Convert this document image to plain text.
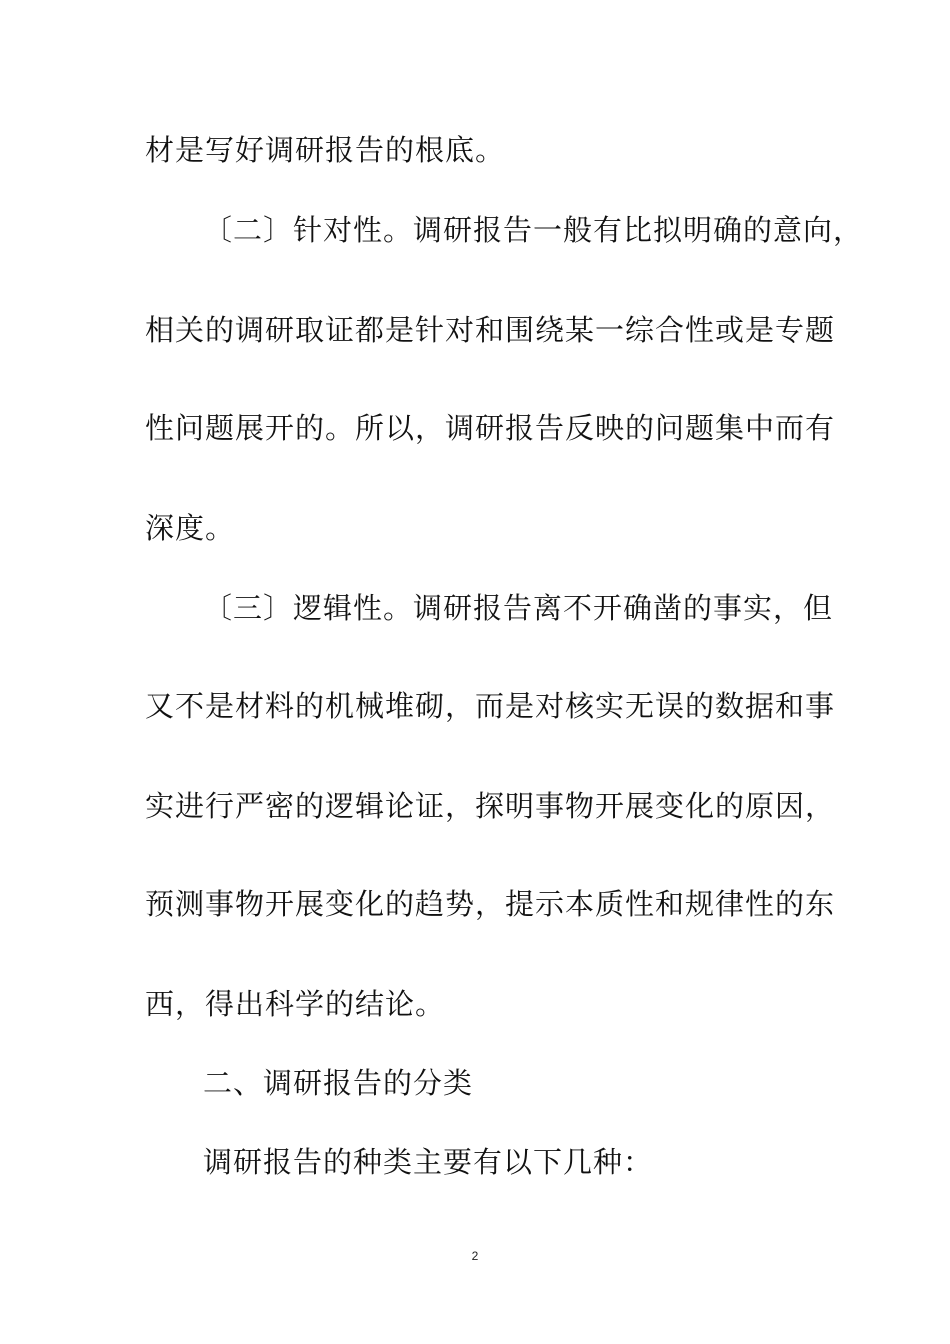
材是写好调研报告的根底。
〔二〕针对性。调研报告一般有比拟明确的意向，
相关的调研取证都是针对和围绕某一综合性或是专题
性问题展开的。所以，调研报告反映的问题集中而有
深度。
〔三〕逻辑性。调研报告离不开确凿的事实，但
又不是材料的机械堆砌，而是对核实无误的数据和事
实进行严密的逻辑论证，探明事物开展变化的原因，
预测事物开展变化的趋势，提示本质性和规律性的东
西，得出科学的结论。
二、调研报告的分类
调研报告的种类主要有以下几种：
2
